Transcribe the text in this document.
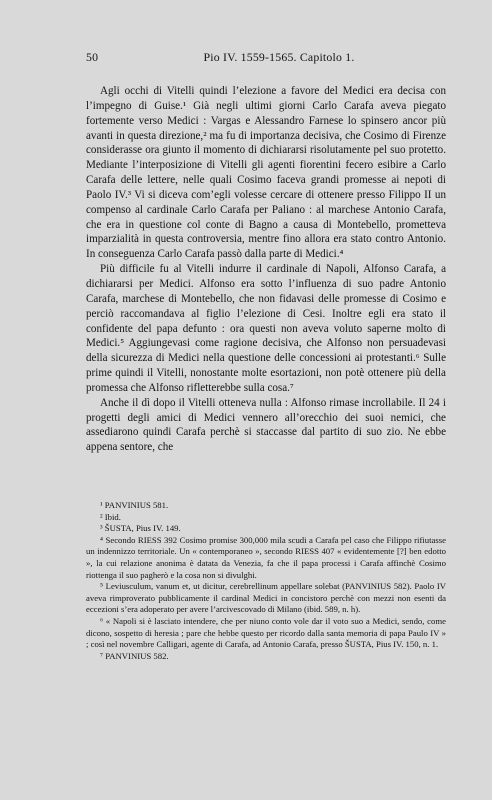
50	Pio IV. 1559-1565. Capitolo 1.

Agli occhi di Vitelli quindi l’elezione a favore del Medici era decisa con l’impegno di Guise.¹ Già negli ultimi giorni Carlo Carafa aveva piegato fortemente verso Medici : Vargas e Alessandro Farnese lo spinsero ancor più avanti in questa direzione,² ma fu di importanza decisiva, che Cosimo di Firenze considerasse ora giunto il momento di dichiararsi risolutamente pel suo protetto. Mediante l’interposizione di Vitelli gli agenti fiorentini fecero esibire a Carlo Carafa delle lettere, nelle quali Cosimo faceva grandi promesse ai nepoti di Paolo IV.³ Vi si diceva com’egli volesse cercare di ottenere presso Filippo II un compenso al cardinale Carlo Carafa per Paliano : al marchese Antonio Carafa, che era in questione col conte di Bagno a causa di Montebello, prometteva imparzialità in questa controversia, mentre fino allora era stato contro Antonio. In conseguenza Carlo Carafa passò dalla parte di Medici.⁴

Più difficile fu al Vitelli indurre il cardinale di Napoli, Alfonso Carafa, a dichiararsi per Medici. Alfonso era sotto l’influenza di suo padre Antonio Carafa, marchese di Montebello, che non fidavasi delle promesse di Cosimo e perciò raccomandava al figlio l’elezione di Cesi. Inoltre egli era stato il confidente del papa defunto : ora questi non aveva voluto saperne molto di Medici.⁵ Aggiungevasi come ragione decisiva, che Alfonso non persuadevasi della sicurezza di Medici nella questione delle concessioni ai protestanti.⁶ Sulle prime quindi il Vitelli, nonostante molte esortazioni, non potè ottenere più della promessa che Alfonso rifletterebbe sulla cosa.⁷

Anche il dì dopo il Vitelli otteneva nulla : Alfonso rimase incrollabile. Il 24 i progetti degli amici di Medici vennero all’orecchio dei suoi nemici, che assediarono quindi Carafa perchè si staccasse dal partito di suo zio. Ne ebbe appena sentore, che

¹ PANVINIUS 581.

² Ibid.

³ ŠUSTA, Pius IV. 149.

⁴ Secondo RIESS 392 Cosimo promise 300,000 mila scudi a Carafa pel caso che Filippo rifiutasse un indennizzo territoriale. Un « contemporaneo », secondo RIESS 407 « evidentemente [?] ben edotto », la cui relazione anonima è datata da Venezia, fa che il papa processi i Carafa affinchè Cosimo riottenga il suo pagherò e la cosa non si divulghi.

⁵ Leviusculum, vanum et, ut dicitur, cerebrellinum appellare solebat (PANVINIUS 582). Paolo IV aveva rimproverato pubblicamente il cardinal Medici in concistoro perchè con mezzi non esenti da eccezioni s’era adoperato per avere l’arcivescovado di Milano (ibid. 589, n. h).

⁶ « Napoli si è lasciato intendere, che per niuno conto vole dar il voto suo a Medici, sendo, come dicono, sospetto di heresia ; pare che hebbe questo per ricordo dalla santa memoria di papa Paulo IV » ; così nel novembre Calligari, agente di Carafa, ad Antonio Carafa, presso ŠUSTA, Pius IV. 150, n. 1.

⁷ PANVINIUS 582.
